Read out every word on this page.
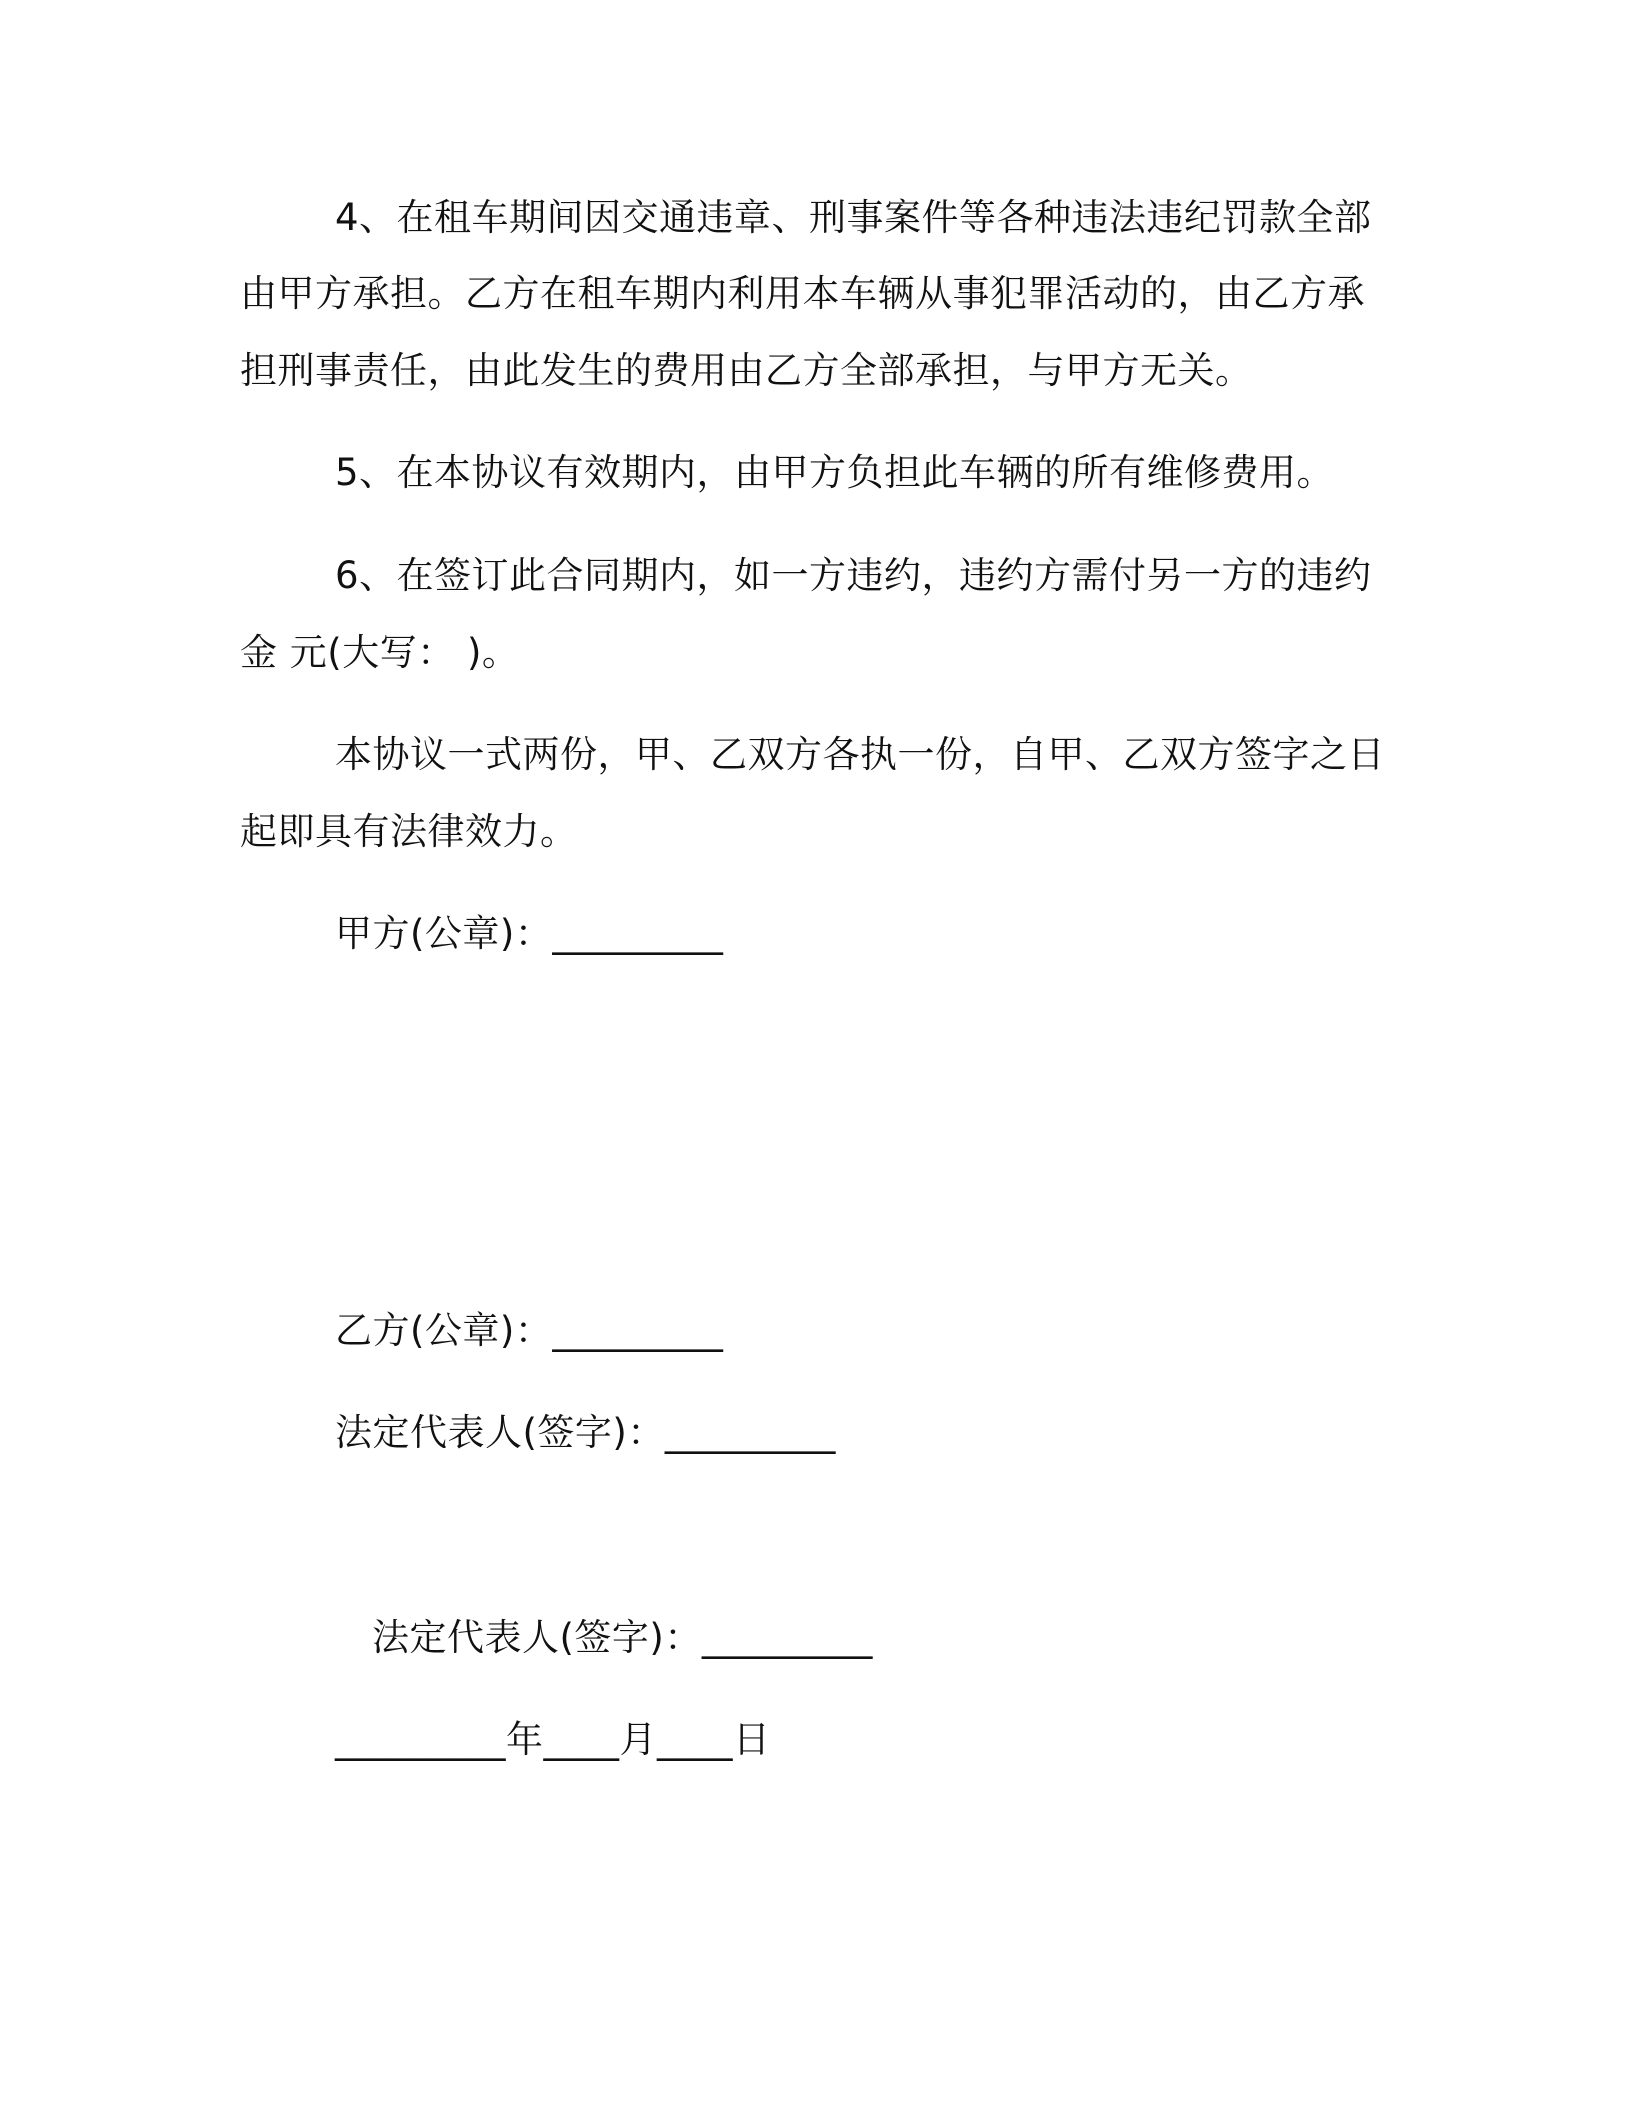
4、在租车期间因交通违章、刑事案件等各种违法违纪罚款全部
由甲方承担。乙方在租车期内利用本车辆从事犯罪活动的，由乙方承
担刑事责任，由此发生的费用由乙方全部承担，与甲方无关。
5、在本协议有效期内，由甲方负担此车辆的所有维修费用。
6、在签订此合同期内，如一方违约，违约方需付另一方的违约
金 元(大写： )。
本协议一式两份，甲、乙双方各执一份，自甲、乙双方签字之日
起即具有法律效力。
甲方(公章)：_________
乙方(公章)：_________
法定代表人(签字)：_________
法定代表人(签字)：_________
_________年____月____日
